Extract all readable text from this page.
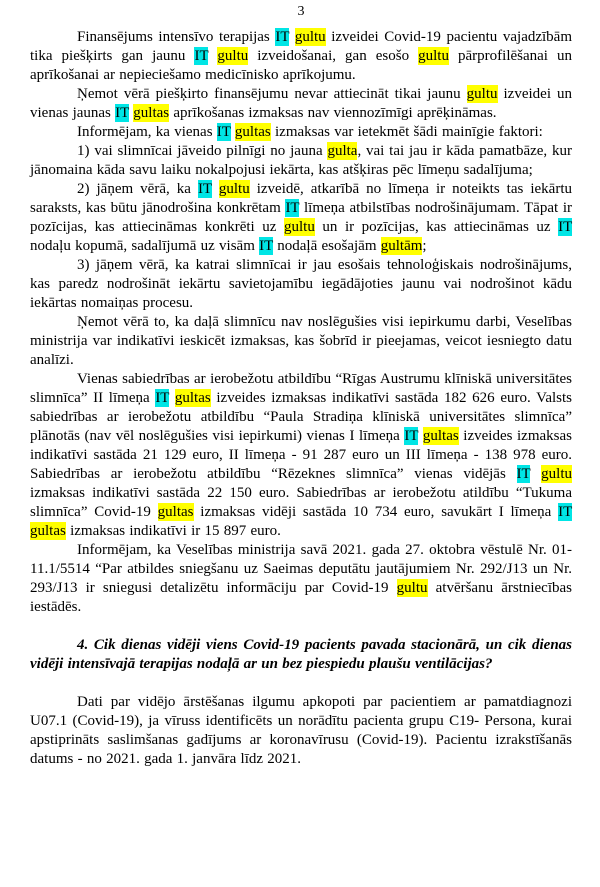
3

Finansējums intensīvo terapijas IT gultu izveidei Covid-19 pacientu vajadzībām tika piešķirts gan jaunu IT gultu izveidošanai, gan esošo gultu pārprofilēšanai un aprīkošanai ar nepieciešamo medicīnisko aprīkojumu.

Ņemot vērā piešķirto finansējumu nevar attiecināt tikai jaunu gultu izveidei un vienas jaunas IT gultas aprīkošanas izmaksas nav viennozīmīgi aprēķināmas.

Informējam, ka vienas IT gultas izmaksas var ietekmēt šādi mainīgie faktori:

1) vai slimnīcai jāveido pilnīgi no jauna gulta, vai tai jau ir kāda pamatbāze, kur jānomaina kāda savu laiku nokalpojusi iekārta, kas atšķiras pēc līmeņu sadalījuma;

2) jāņem vērā, ka IT gultu izveidē, atkarībā no līmeņa ir noteikts tas iekārtu saraksts, kas būtu jānodrošina konkrētam IT līmeņa atbilstības nodrošinājumam. Tāpat ir pozīcijas, kas attiecināmas konkrēti uz gultu un ir pozīcijas, kas attiecināmas uz IT nodaļu kopumā, sadalījumā uz visām IT nodaļā esošajām gultām;

3) jāņem vērā, ka katrai slimnīcai ir jau esošais tehnoloģiskais nodrošinājums, kas paredz nodrošināt iekārtu savietojamību iegādājoties jaunu vai nodrošinot kādu iekārtas nomaiņas procesu.

Ņemot vērā to, ka daļā slimnīcu nav noslēgušies visi iepirkumu darbi, Veselības ministrija var indikatīvi ieskicēt izmaksas, kas šobrīd ir pieejamas, veicot iesniegto datu analīzi.

Vienas sabiedrības ar ierobežotu atbildību “Rīgas Austrumu klīniskā universitātes slimnīca” II līmeņa IT gultas izveides izmaksas indikatīvi sastāda 182 626 euro. Valsts sabiedrības ar ierobežotu atbildību “Paula Stradiņa klīniskā universitātes slimnīca” plānotās (nav vēl noslēgušies visi iepirkumi) vienas I līmeņa IT gultas izveides izmaksas indikatīvi sastāda 21 129 euro, II līmeņa - 91 287 euro un III līmeņa - 138 978 euro. Sabiedrības ar ierobežotu atbildību “Rēzeknes slimnīca” vienas vidējās IT gultu izmaksas indikatīvi sastāda 22 150 euro. Sabiedrības ar ierobežotu atildību “Tukuma slimnīca” Covid-19 gultas izmaksas vidēji sastāda 10 734 euro, savukārt I līmeņa IT gultas izmaksas indikatīvi ir 15 897 euro.

Informējam, ka Veselības ministrija savā 2021. gada 27. oktobra vēstulē Nr. 01-11.1/5514 “Par atbildes sniegšanu uz Saeimas deputātu jautājumiem Nr. 292/J13 un Nr. 293/J13 ir sniegusi detalizētu informāciju par Covid-19 gultu atvēršanu ārstniecības iestādēs.

4. Cik dienas vidēji viens Covid-19 pacients pavada stacionārā, un cik dienas vidēji intensīvajā terapijas nodaļā ar un bez piespiedu plaušu ventilācijas?

Dati par vidējo ārstēšanas ilgumu apkopoti par pacientiem ar pamatdiagnozi U07.1 (Covid-19), ja vīruss identificēts un norādītu pacienta grupu C19- Persona, kurai apstiprināts saslimšanas gadījums ar koronavīrusu (Covid-19). Pacientu izrakstīšanās datums - no 2021. gada 1. janvāra līdz 2021.
